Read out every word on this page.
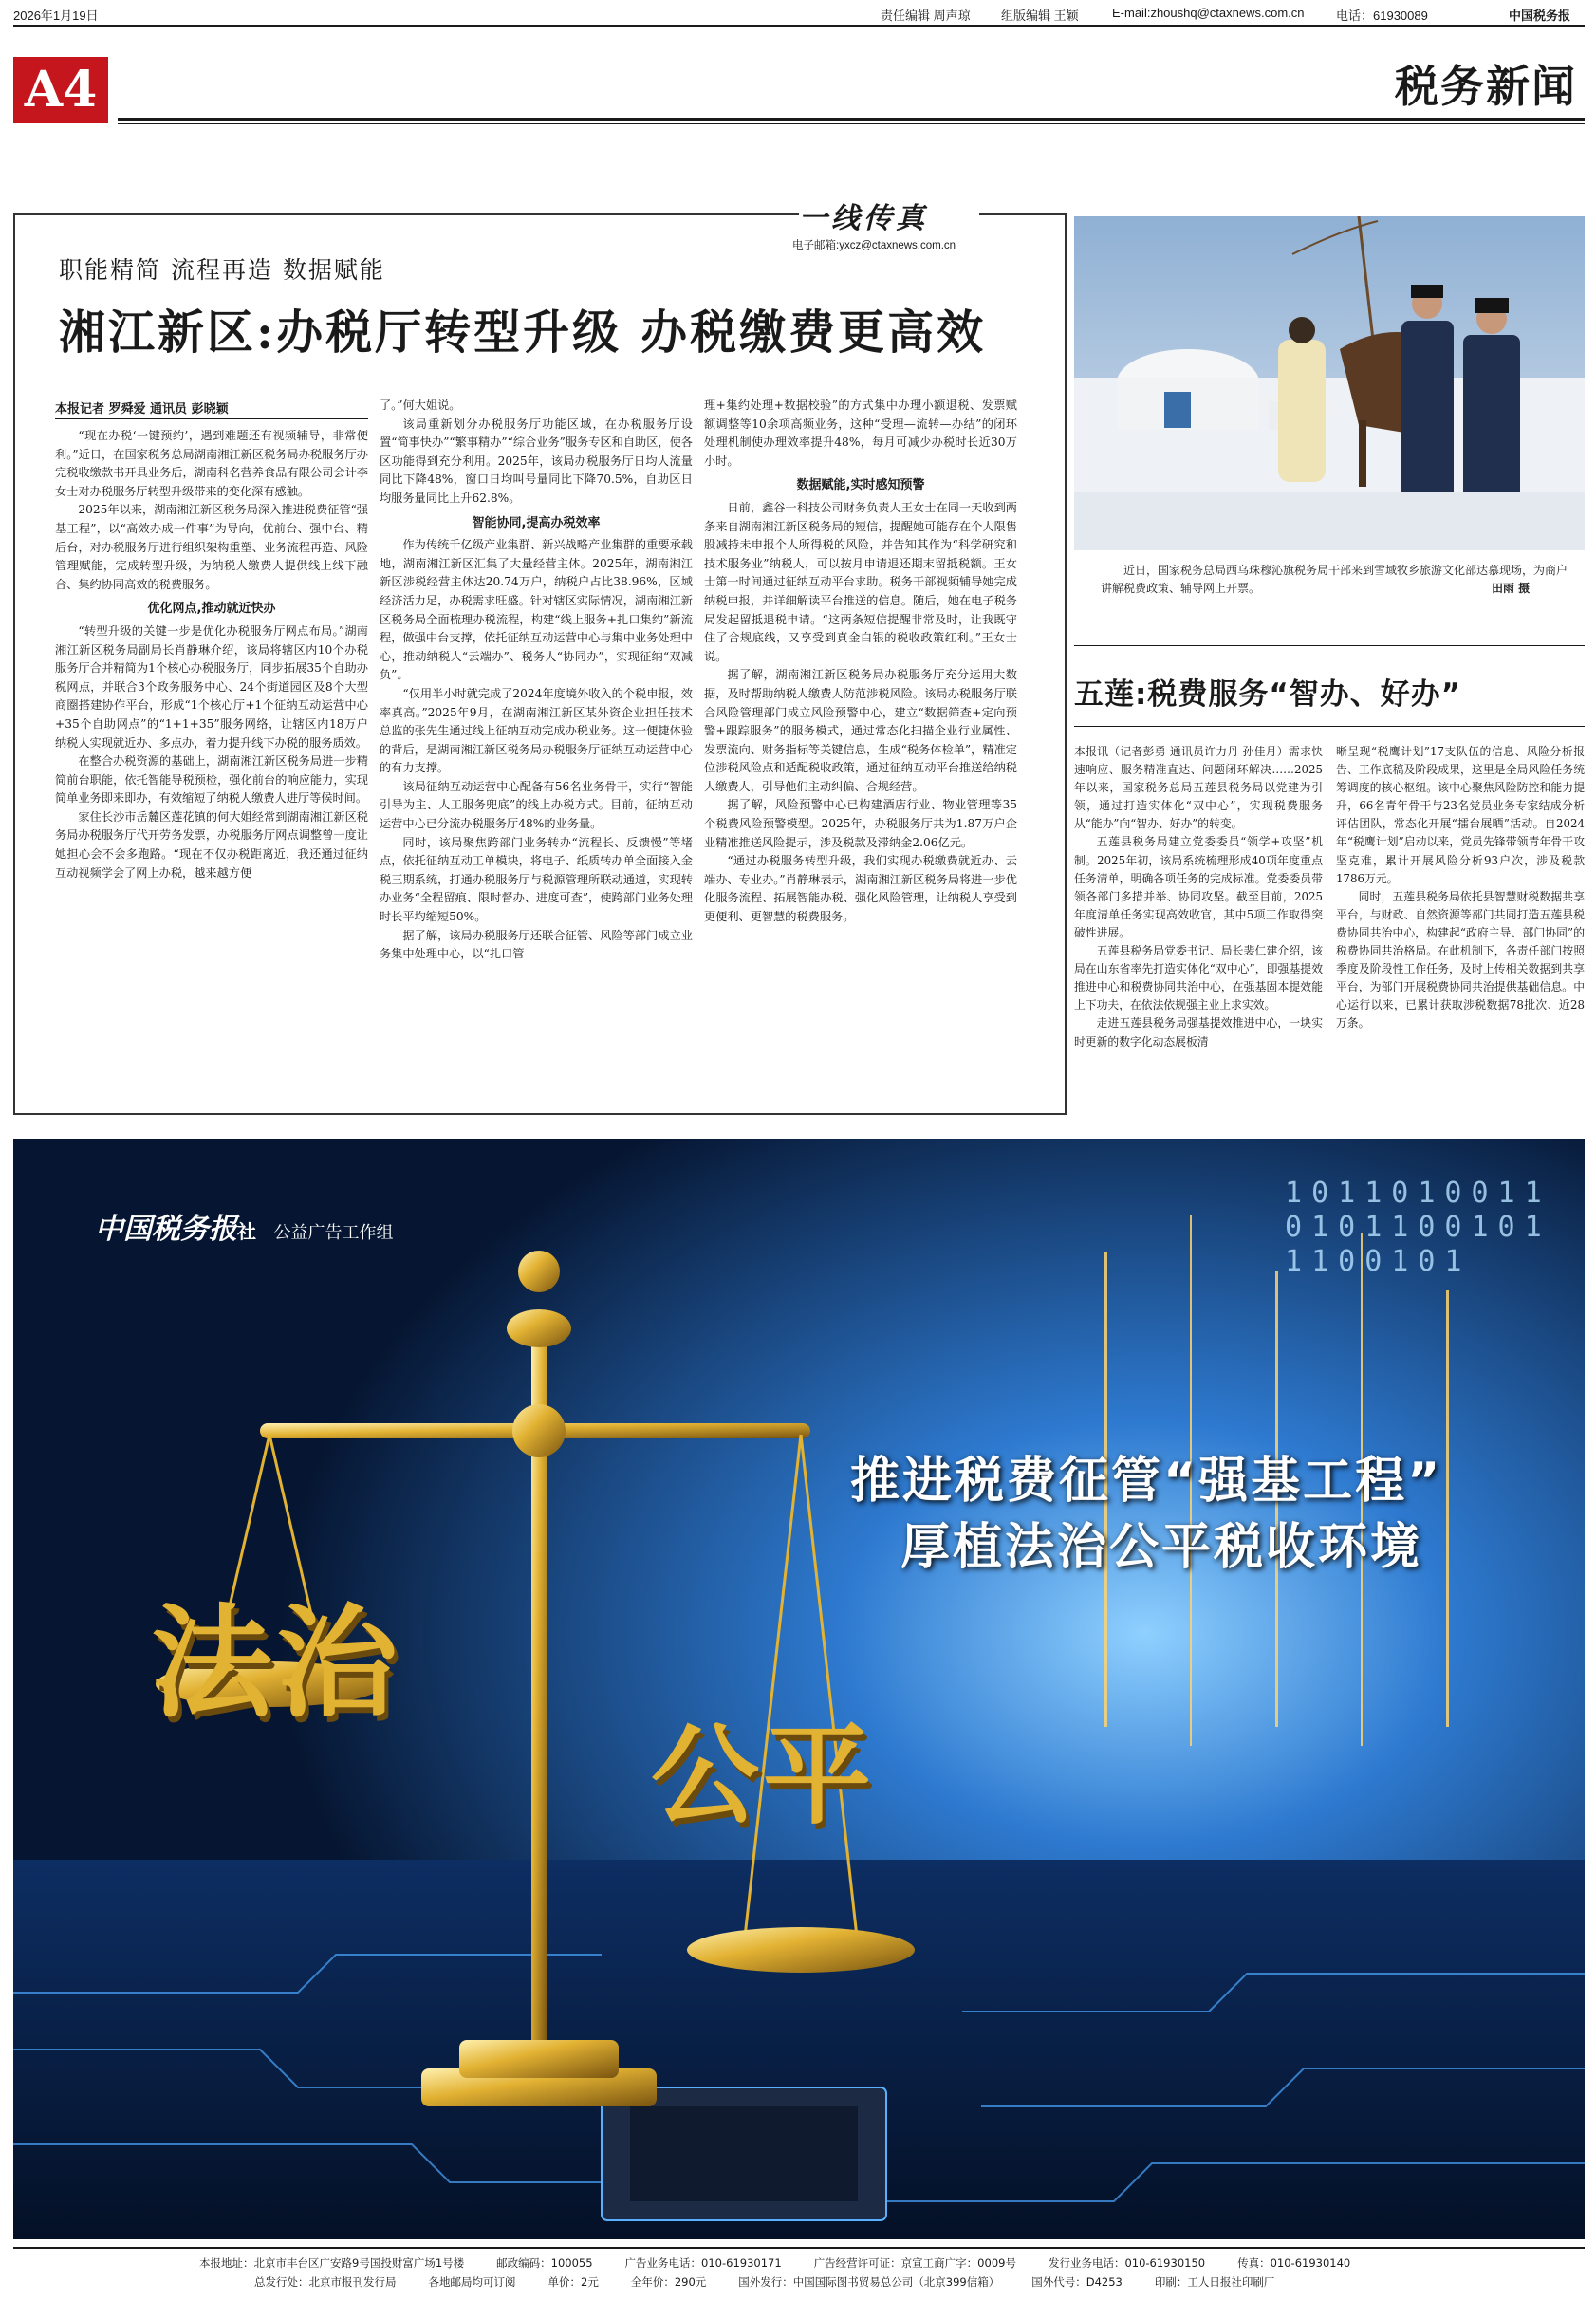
2026年1月19日	责任编辑 周声琼 组版编辑 王颖	E-mail:zhoushq@ctaxnews.com.cn	电话：61930089	中国税务报
A4	税务新闻
一线传真
电子邮箱:yxcz@ctaxnews.com.cn
职能精简 流程再造 数据赋能
湘江新区:办税厅转型升级 办税缴费更高效
本报记者 罗舜爱 通讯员 彭晓颖

“现在办税‘一键预约’，遇到难题还有视频辅导，非常便利。”近日，在国家税务总局湖南湘江新区税务局办税服务厅办完税收缴款书开具业务后，湖南科名营养食品有限公司会计李女士对办税服务厅转型升级带来的变化深有感触。

2025年以来，湖南湘江新区税务局深入推进税费征管“强基工程”，以“高效办成一件事”为导向，优前台、强中台、精后台，对办税服务厅进行组织架构重塑、业务流程再造、风险管理赋能，完成转型升级，为纳税人缴费人提供线上线下融合、集约协同高效的税费服务。

优化网点,推动就近快办

“转型升级的关键一步是优化办税服务厅网点布局。”湖南湘江新区税务局副局长肖静琳介绍，该局将辖区内10个办税服务厅合并精简为1个核心办税服务厅，同步拓展35个自助办税网点，并联合3个政务服务中心、24个街道园区及8个大型商圈搭建协作平台，形成“1个核心厅+1个征纳互动运营中心+35个自助网点”的“1+1+35”服务网络，让辖区内18万户纳税人实现就近办、多点办，着力提升线下办税的服务质效。

在整合办税资源的基础上，湖南湘江新区税务局进一步精简前台职能，依托智能导税预检，强化前台的响应能力，实现简单业务即来即办，有效缩短了纳税人缴费人进厅等候时间。

家住长沙市岳麓区莲花镇的何大姐经常到湖南湘江新区税务局办税服务厅代开劳务发票，办税服务厅网点调整曾一度让她担心会不会多跑路。“现在不仅办税距离近，我还通过征纳互动视频学会了网上办税，越来越方便

了。”何大姐说。

该局重新划分办税服务厅功能区域，在办税服务厅设置“简事快办”“繁事精办”“综合业务”服务专区和自助区，使各区功能得到充分利用。2025年，该局办税服务厅日均人流量同比下降48%，窗口日均叫号量同比下降70.5%，自助区日均服务量同比上升62.8%。

智能协同,提高办税效率

作为传统千亿级产业集群、新兴战略产业集群的重要承载地，湖南湘江新区汇集了大量经营主体。2025年，湖南湘江新区涉税经营主体达20.74万户，纳税户占比38.96%，区域经济活力足，办税需求旺盛。针对辖区实际情况，湖南湘江新区税务局全面梳理办税流程，构建“线上服务+扎口集约”新流程，做强中台支撑，依托征纳互动运营中心与集中业务处理中心，推动纳税人“云端办”、税务人“协同办”，实现征纳“双减负”。

“仅用半小时就完成了2024年度境外收入的个税申报，效率真高。”2025年9月，在湖南湘江新区某外资企业担任技术总监的张先生通过线上征纳互动完成办税业务。这一便捷体验的背后，是湖南湘江新区税务局办税服务厅征纳互动运营中心的有力支撑。

该局征纳互动运营中心配备有56名业务骨干，实行“智能引导为主、人工服务兜底”的线上办税方式。目前，征纳互动运营中心已分流办税服务厅48%的业务量。

同时，该局聚焦跨部门业务转办“流程长、反馈慢”等堵点，依托征纳互动工单模块，将电子、纸质转办单全面接入金税三期系统，打通办税服务厅与税源管理所联动通道，实现转办业务“全程留痕、限时督办、进度可查”，使跨部门业务处理时长平均缩短50%。

据了解，该局办税服务厅还联合征管、风险等部门成立业务集中处理中心，以“扎口管

理+集约处理+数据校验”的方式集中办理小额退税、发票赋额调整等10余项高频业务，这种“受理—流转—办结”的闭环处理机制使办理效率提升48%，每月可减少办税时长近30万小时。

数据赋能,实时感知预警

日前，鑫谷一科技公司财务负责人王女士在同一天收到两条来自湖南湘江新区税务局的短信，提醒她可能存在个人限售股减持未申报个人所得税的风险，并告知其作为“科学研究和技术服务业”纳税人，可以按月申请退还期末留抵税额。王女士第一时间通过征纳互动平台求助。税务干部视频辅导她完成纳税申报，并详细解读平台推送的信息。随后，她在电子税务局发起留抵退税申请。“这两条短信提醒非常及时，让我既守住了合规底线，又享受到真金白银的税收政策红利。”王女士说。

据了解，湖南湘江新区税务局办税服务厅充分运用大数据，及时帮助纳税人缴费人防范涉税风险。该局办税服务厅联合风险管理部门成立风险预警中心，建立“数据筛查+定向预警+跟踪服务”的服务模式，通过常态化扫描企业行业属性、发票流向、财务指标等关键信息，生成“税务体检单”，精准定位涉税风险点和适配税收政策，通过征纳互动平台推送给纳税人缴费人，引导他们主动纠偏、合规经营。

据了解，风险预警中心已构建酒店行业、物业管理等35个税费风险预警模型。2025年，办税服务厅共为1.87万户企业精准推送风险提示，涉及税款及滞纳金2.06亿元。

“通过办税服务转型升级，我们实现办税缴费就近办、云端办、专业办。”肖静琳表示，湖南湘江新区税务局将进一步优化服务流程、拓展智能办税、强化风险管理，让纳税人享受到更便利、更智慧的税费服务。

近日，国家税务总局西乌珠穆沁旗税务局干部来到雪域牧乡旅游文化部达慕现场，为商户讲解税费政策、辅导网上开票。	田雨 摄
五莲:税费服务“智办、好办”

本报讯（记者彭勇 通讯员许力丹 孙佳月）需求快速响应、服务精准直达、问题闭环解决……2025年以来，国家税务总局五莲县税务局以党建为引领，通过打造实体化“双中心”，实现税费服务从“能办”向“智办、好办”的转变。

五莲县税务局建立党委委员“领学+攻坚”机制。2025年初，该局系统梳理形成40项年度重点任务清单，明确各项任务的完成标准。党委委员带领各部门多措并举、协同攻坚。截至目前，2025年度清单任务实现高效收官，其中5项工作取得突破性进展。

五莲县税务局党委书记、局长裴仁建介绍，该局在山东省率先打造实体化“双中心”，即强基提效推进中心和税费协同共治中心，在强基固本提效能上下功夫，在依法依规强主业上求实效。

走进五莲县税务局强基提效推进中心，一块实时更新的数字化动态展板清

晰呈现“税鹰计划”17支队伍的信息、风险分析报告、工作底稿及阶段成果，这里是全局风险任务统筹调度的核心枢纽。该中心聚焦风险防控和能力提升，66名青年骨干与23名党员业务专家结成分析评估团队，常态化开展“擂台展晒”活动。自2024年“税鹰计划”启动以来，党员先锋带领青年骨干攻坚克难，累计开展风险分析93户次，涉及税款1786万元。

同时，五莲县税务局依托县智慧财税数据共享平台，与财政、自然资源等部门共同打造五莲县税费协同共治中心，构建起“政府主导、部门协同”的税费协同共治格局。在此机制下，各责任部门按照季度及阶段性工作任务，及时上传相关数据到共享平台，为部门开展税费协同共治提供基础信息。中心运行以来，已累计获取涉税数据78批次、近28万条。

中国税务报社 公益广告工作组
法治
公平
推进税费征管“强基工程”
厚植法治公平税收环境
101101001101011001011100101
本报地址：北京市丰台区广安路9号国投财富广场1号楼	邮政编码：100055	广告业务电话：010-61930171	广告经营许可证：京宣工商广字：0009号	发行业务电话：010-61930150	传真：010-61930140
总发行处：北京市报刊发行局	各地邮局均可订阅	单价：2元	全年价：290元	国外发行：中国国际图书贸易总公司（北京399信箱）	国外代号：D4253	印刷：工人日报社印刷厂
